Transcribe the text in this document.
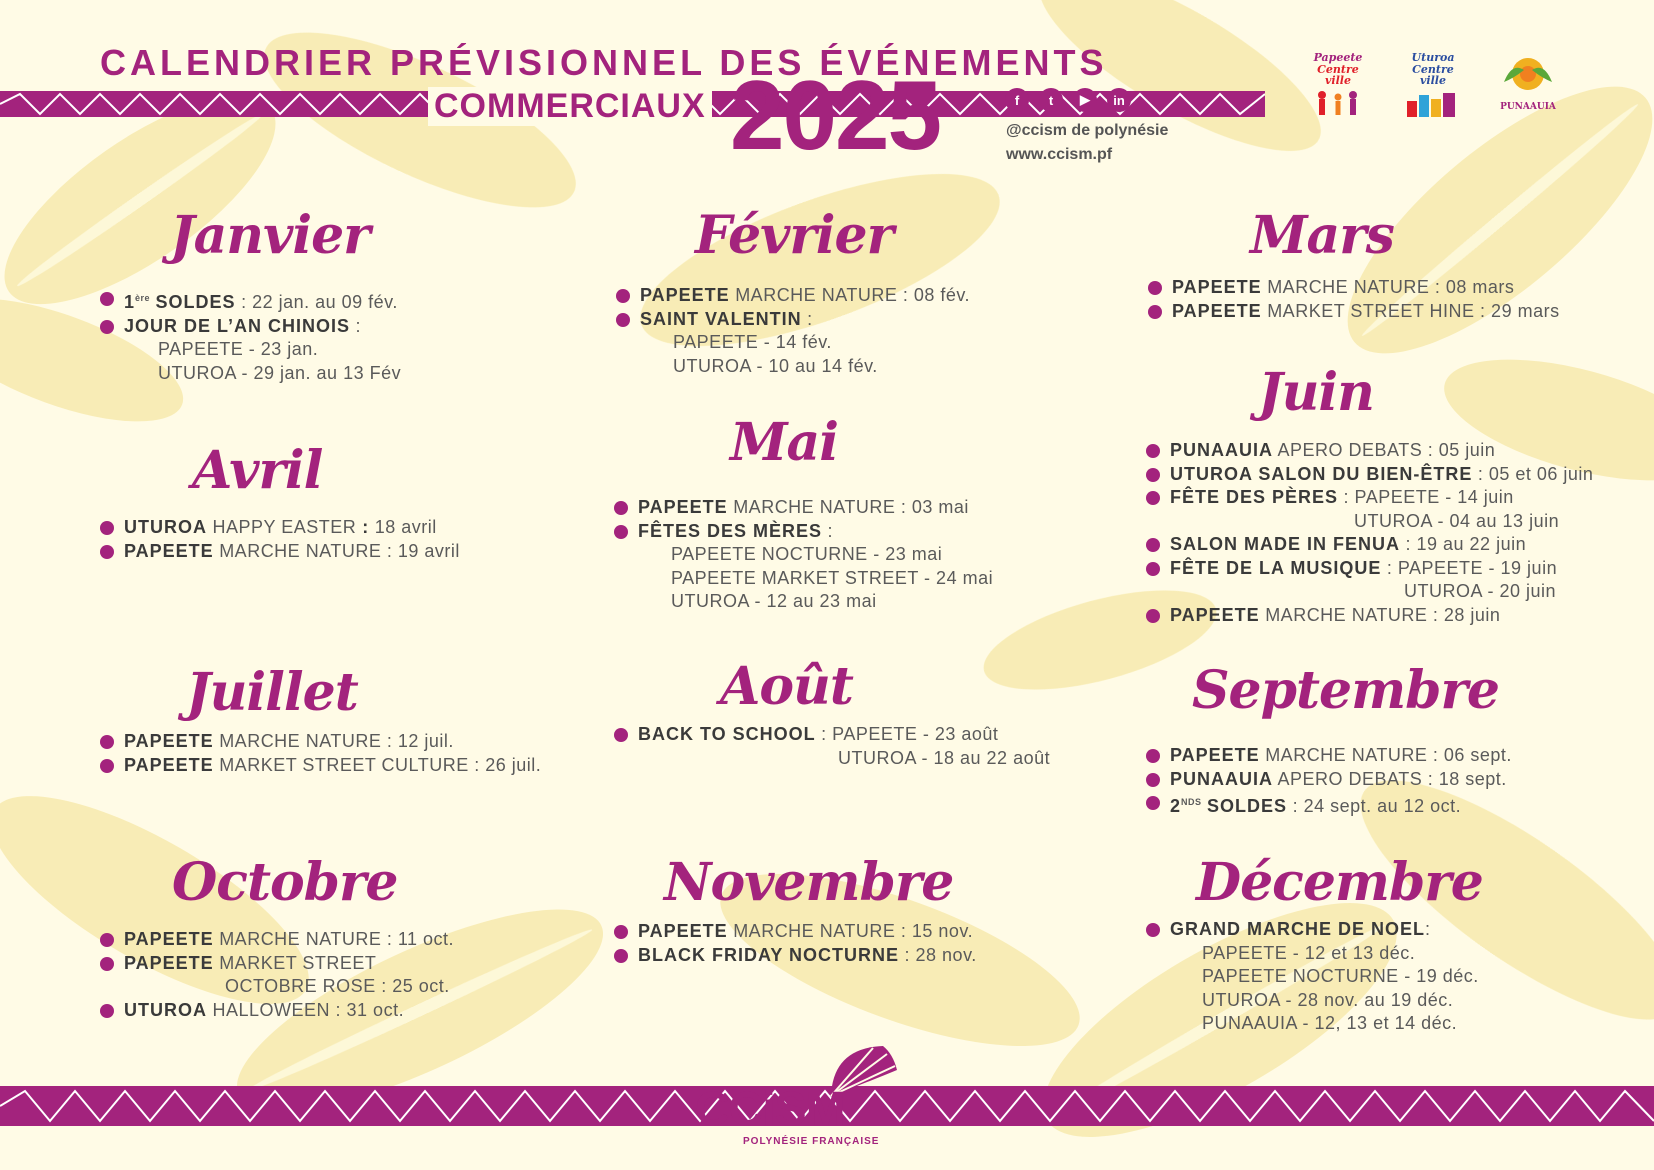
CALENDRIER PRÉVISIONNEL DES ÉVÉNEMENTS
COMMERCIAUX 2025	f	t	▶	in
@ccism de polynésie
www.ccism.pf
Papeete
Centre ville
Uturoa
Centre ville
PUNAAUIA
Janvier
1ère SOLDES : 22 jan. au 09 fév.
JOUR DE L’AN CHINOIS :
PAPEETE - 23 jan.
UTUROA - 29 jan. au 13 Fév
Février
PAPEETE MARCHE NATURE : 08 fév.
SAINT VALENTIN :
PAPEETE - 14 fév.
UTUROA - 10 au 14 fév.
Mars
PAPEETE MARCHE NATURE : 08 mars
PAPEETE MARKET STREET HINE : 29 mars
Avril
UTUROA HAPPY EASTER : 18 avril
PAPEETE MARCHE NATURE : 19 avril
Mai
PAPEETE MARCHE NATURE : 03 mai
FÊTES DES MÈRES :
PAPEETE NOCTURNE - 23 mai
PAPEETE MARKET STREET - 24 mai
UTUROA - 12 au 23 mai
Juin
PUNAAUIA APERO DEBATS : 05 juin
UTUROA SALON DU BIEN-ÊTRE : 05 et 06 juin
FÊTE DES PÈRES : PAPEETE - 14 juin
UTUROA - 04 au 13 juin
SALON MADE IN FENUA : 19 au 22 juin
FÊTE DE LA MUSIQUE : PAPEETE - 19 juin
UTUROA - 20 juin
PAPEETE MARCHE NATURE : 28 juin
Juillet
PAPEETE MARCHE NATURE : 12 juil.
PAPEETE MARKET STREET CULTURE : 26 juil.
Août
BACK TO SCHOOL : PAPEETE - 23 août
UTUROA - 18 au 22 août
Septembre
PAPEETE MARCHE NATURE : 06 sept.
PUNAAUIA APERO DEBATS : 18 sept.
$2^{NDS}$ SOLDES : 24 sept. au 12 oct.
Octobre
PAPEETE MARCHE NATURE : 11 oct.
PAPEETE MARKET STREET
OCTOBRE ROSE : 25 oct.
UTUROA HALLOWEEN : 31 oct.
Novembre
PAPEETE MARCHE NATURE : 15 nov.
BLACK FRIDAY NOCTURNE : 28 nov.
Décembre
GRAND MARCHE DE NOEL:
PAPEETE - 12 et 13 déc.
PAPEETE NOCTURNE - 19 déc.
UTUROA - 28 nov. au 19 déc.
PUNAAUIA - 12, 13 et 14 déc.
CCiSM
POLYNÉSIE FRANÇAISE
